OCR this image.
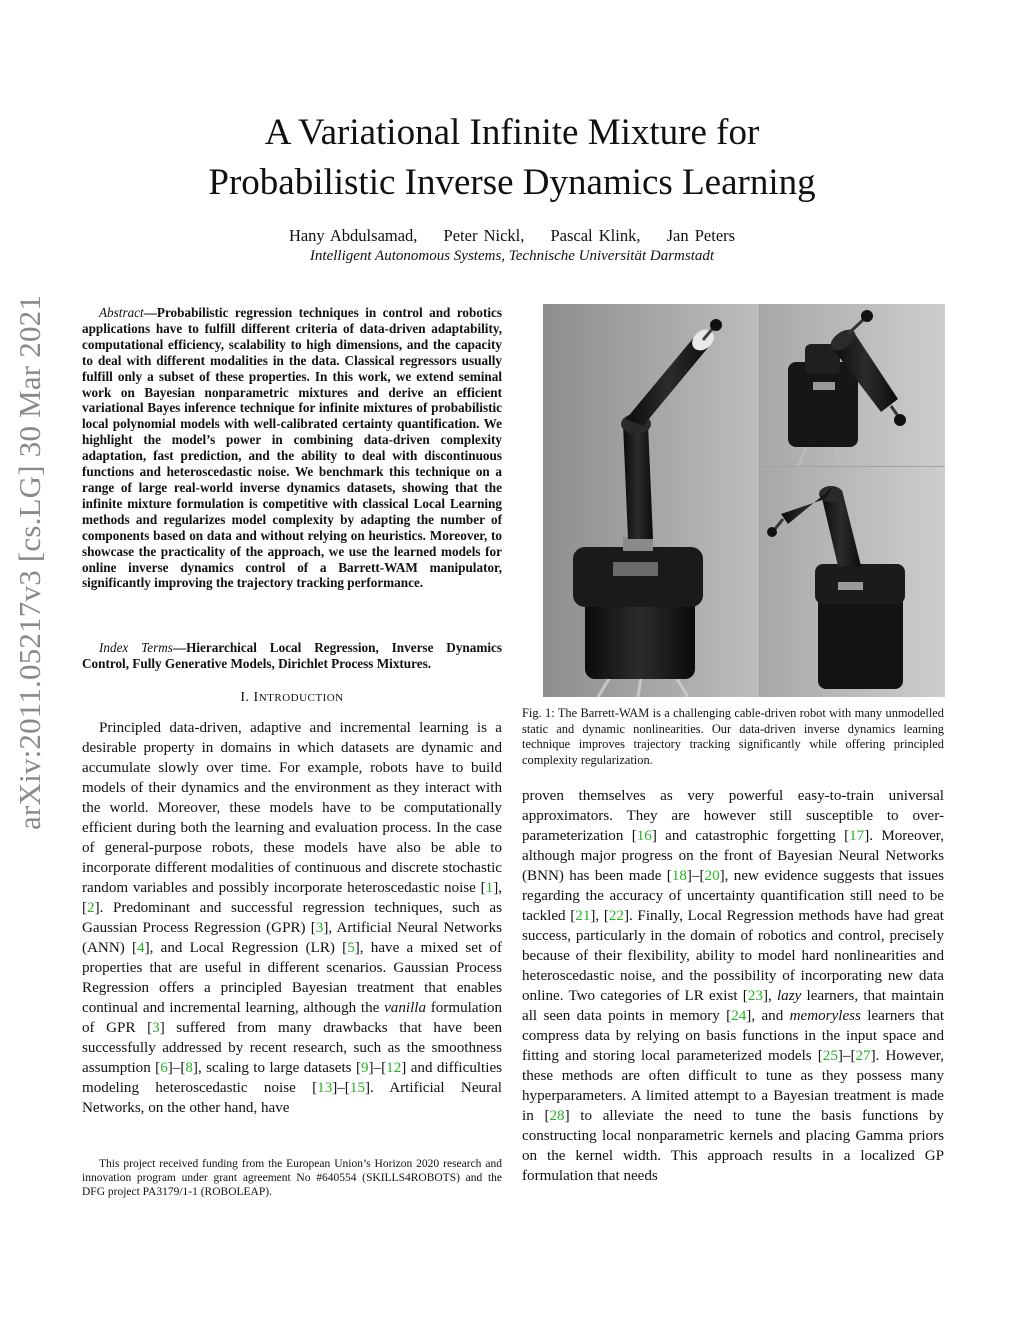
arXiv:2011.05217v3 [cs.LG] 30 Mar 2021
A Variational Infinite Mixture for
Probabilistic Inverse Dynamics Learning
Hany Abdulsamad, Peter Nickl, Pascal Klink, Jan Peters
Intelligent Autonomous Systems, Technische Universität Darmstadt
Abstract—Probabilistic regression techniques in control and robotics applications have to fulfill different criteria of data-driven adaptability, computational efficiency, scalability to high dimensions, and the capacity to deal with different modalities in the data. Classical regressors usually fulfill only a subset of these properties. In this work, we extend seminal work on Bayesian nonparametric mixtures and derive an efficient variational Bayes inference technique for infinite mixtures of probabilistic local polynomial models with well-calibrated certainty quantification. We highlight the model’s power in combining data-driven complexity adaptation, fast prediction, and the ability to deal with discontinuous functions and heteroscedastic noise. We benchmark this technique on a range of large real-world inverse dynamics datasets, showing that the infinite mixture formulation is competitive with classical Local Learning methods and regularizes model complexity by adapting the number of components based on data and without relying on heuristics. Moreover, to showcase the practicality of the approach, we use the learned models for online inverse dynamics control of a Barrett-WAM manipulator, significantly improving the trajectory tracking performance.
Index Terms—Hierarchical Local Regression, Inverse Dynamics Control, Fully Generative Models, Dirichlet Process Mixtures.
I. INTRODUCTION
Principled data-driven, adaptive and incremental learning is a desirable property in domains in which datasets are dynamic and accumulate slowly over time. For example, robots have to build models of their dynamics and the environment as they interact with the world. Moreover, these models have to be computationally efficient during both the learning and evaluation process. In the case of general-purpose robots, these models have also be able to incorporate different modalities of continuous and discrete stochastic random variables and possibly incorporate heteroscedastic noise [1], [2]. Predominant and successful regression techniques, such as Gaussian Process Regression (GPR) [3], Artificial Neural Networks (ANN) [4], and Local Regression (LR) [5], have a mixed set of properties that are useful in different scenarios. Gaussian Process Regression offers a principled Bayesian treatment that enables continual and incremental learning, although the vanilla formulation of GPR [3] suffered from many drawbacks that have been successfully addressed by recent research, such as the smoothness assumption [6]–[8], scaling to large datasets [9]–[12] and difficulties modeling heteroscedastic noise [13]–[15]. Artificial Neural Networks, on the other hand, have
This project received funding from the European Union’s Horizon 2020 research and innovation program under grant agreement No #640554 (SKILLS4ROBOTS) and the DFG project PA3179/1-1 (ROBOLEAP).
Fig. 1: The Barrett-WAM is a challenging cable-driven robot with many unmodelled static and dynamic nonlinearities. Our data-driven inverse dynamics learning technique improves trajectory tracking significantly while offering principled complexity regularization.
proven themselves as very powerful easy-to-train universal approximators. They are however still susceptible to over-parameterization [16] and catastrophic forgetting [17]. Moreover, although major progress on the front of Bayesian Neural Networks (BNN) has been made [18]–[20], new evidence suggests that issues regarding the accuracy of uncertainty quantification still need to be tackled [21], [22]. Finally, Local Regression methods have had great success, particularly in the domain of robotics and control, precisely because of their flexibility, ability to model hard nonlinearities and heteroscedastic noise, and the possibility of incorporating new data online. Two categories of LR exist [23], lazy learners, that maintain all seen data points in memory [24], and memoryless learners that compress data by relying on basis functions in the input space and fitting and storing local parameterized models [25]–[27]. However, these methods are often difficult to tune as they possess many hyperparameters. A limited attempt to a Bayesian treatment is made in [28] to alleviate the need to tune the basis functions by constructing local nonparametric kernels and placing Gamma priors on the kernel width. This approach results in a localized GP formulation that needs
